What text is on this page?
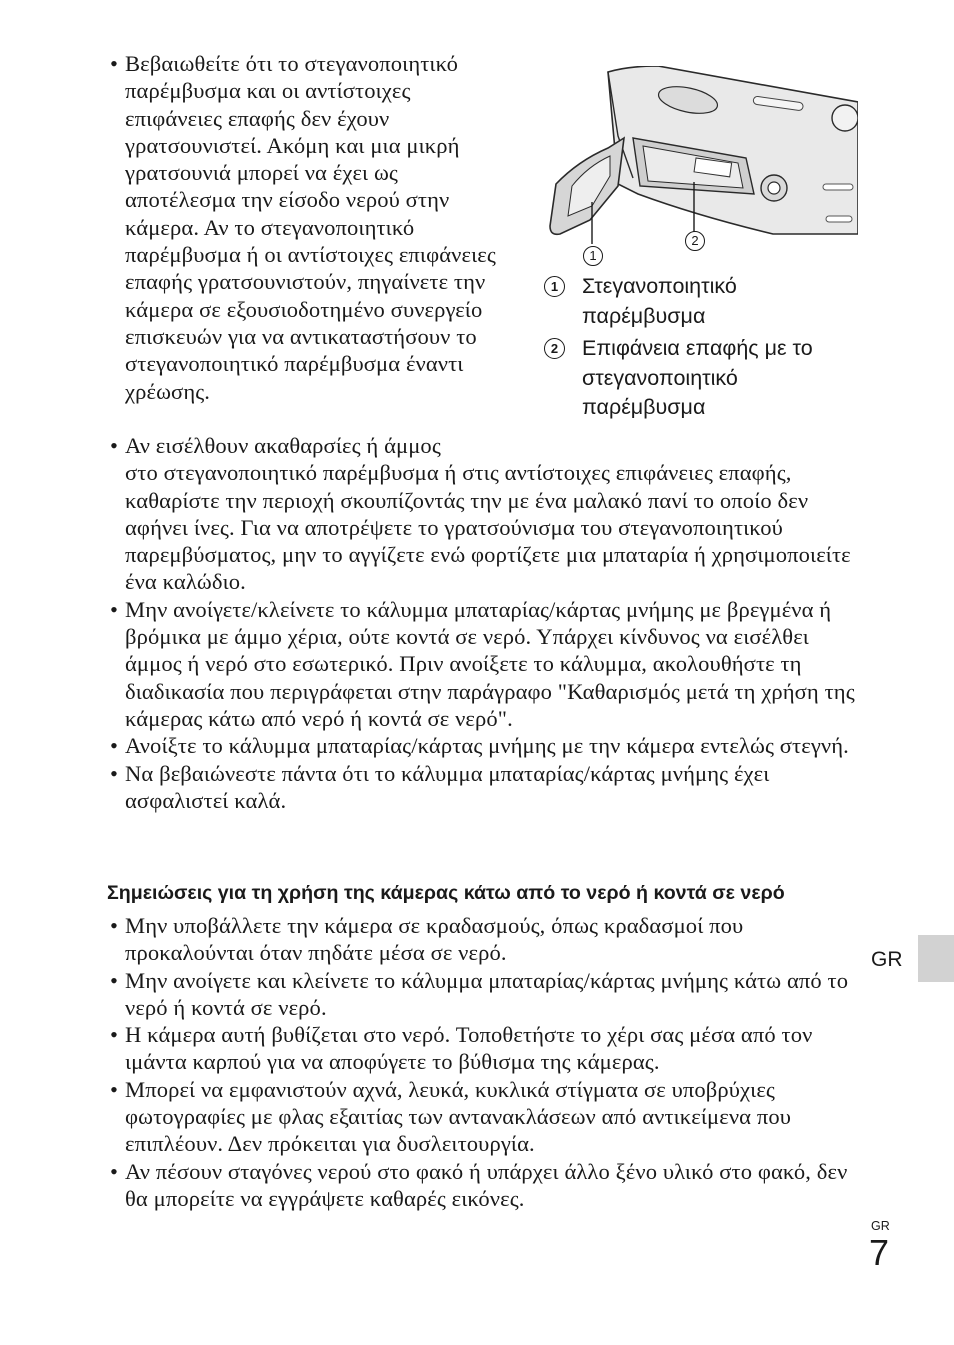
• Βεβαιωθείτε ότι το στεγανοποιητικό παρέμβυσμα και οι αντίστοιχες επιφάνειες επαφής δεν έχουν γρατσουνιστεί. Ακόμη και μια μικρή γρατσουνιά μπορεί να έχει ως αποτέλεσμα την είσοδο νερού στην κάμερα. Αν το στεγανοποιητικό παρέμβυσμα ή οι αντίστοιχες επιφάνειες επαφής γρατσουνιστούν, πηγαίνετε την κάμερα σε εξουσιοδοτημένο συνεργείο επισκευών για να αντικαταστήσουν το στεγανοποιητικό παρέμβυσμα έναντι χρέωσης.
1
2
1	Στεγανοποιητικό παρέμβυσμα
2	Επιφάνεια επαφής με το στεγανοποιητικό παρέμβυσμα
• Αν εισέλθουν ακαθαρσίες ή άμμος
στο στεγανοποιητικό παρέμβυσμα ή στις αντίστοιχες επιφάνειες επαφής, καθαρίστε την περιοχή σκουπίζοντάς την με ένα μαλακό πανί το οποίο δεν αφήνει ίνες. Για να αποτρέψετε το γρατσούνισμα του στεγανοποιητικού παρεμβύσματος, μην το αγγίζετε ενώ φορτίζετε μια μπαταρία ή χρησιμοποιείτε ένα καλώδιο.
• Μην ανοίγετε/κλείνετε το κάλυμμα μπαταρίας/κάρτας μνήμης με βρεγμένα ή βρόμικα με άμμο χέρια, ούτε κοντά σε νερό. Υπάρχει κίνδυνος να εισέλθει άμμος ή νερό στο εσωτερικό. Πριν ανοίξετε το κάλυμμα, ακολουθήστε τη διαδικασία που περιγράφεται στην παράγραφο "Καθαρισμός μετά τη χρήση της κάμερας κάτω από νερό ή κοντά σε νερό".
• Ανοίξτε το κάλυμμα μπαταρίας/κάρτας μνήμης με την κάμερα εντελώς στεγνή.
• Να βεβαιώνεστε πάντα ότι το κάλυμμα μπαταρίας/κάρτας μνήμης έχει ασφαλιστεί καλά.
Σημειώσεις για τη χρήση της κάμερας κάτω από το νερό ή κοντά σε νερό
• Μην υποβάλλετε την κάμερα σε κραδασμούς, όπως κραδασμοί που προκαλούνται όταν πηδάτε μέσα σε νερό.
• Μην ανοίγετε και κλείνετε το κάλυμμα μπαταρίας/κάρτας μνήμης κάτω από το νερό ή κοντά σε νερό.
• Η κάμερα αυτή βυθίζεται στο νερό. Τοποθετήστε το χέρι σας μέσα από τον ιμάντα καρπού για να αποφύγετε το βύθισμα της κάμερας.
• Μπορεί να εμφανιστούν αχνά, λευκά, κυκλικά στίγματα σε υποβρύχιες φωτογραφίες με φλας εξαιτίας των αντανακλάσεων από αντικείμενα που επιπλέουν. Δεν πρόκειται για δυσλειτουργία.
• Αν πέσουν σταγόνες νερού στο φακό ή υπάρχει άλλο ξένο υλικό στο φακό, δεν θα μπορείτε να εγγράψετε καθαρές εικόνες.
GR
GR
7
